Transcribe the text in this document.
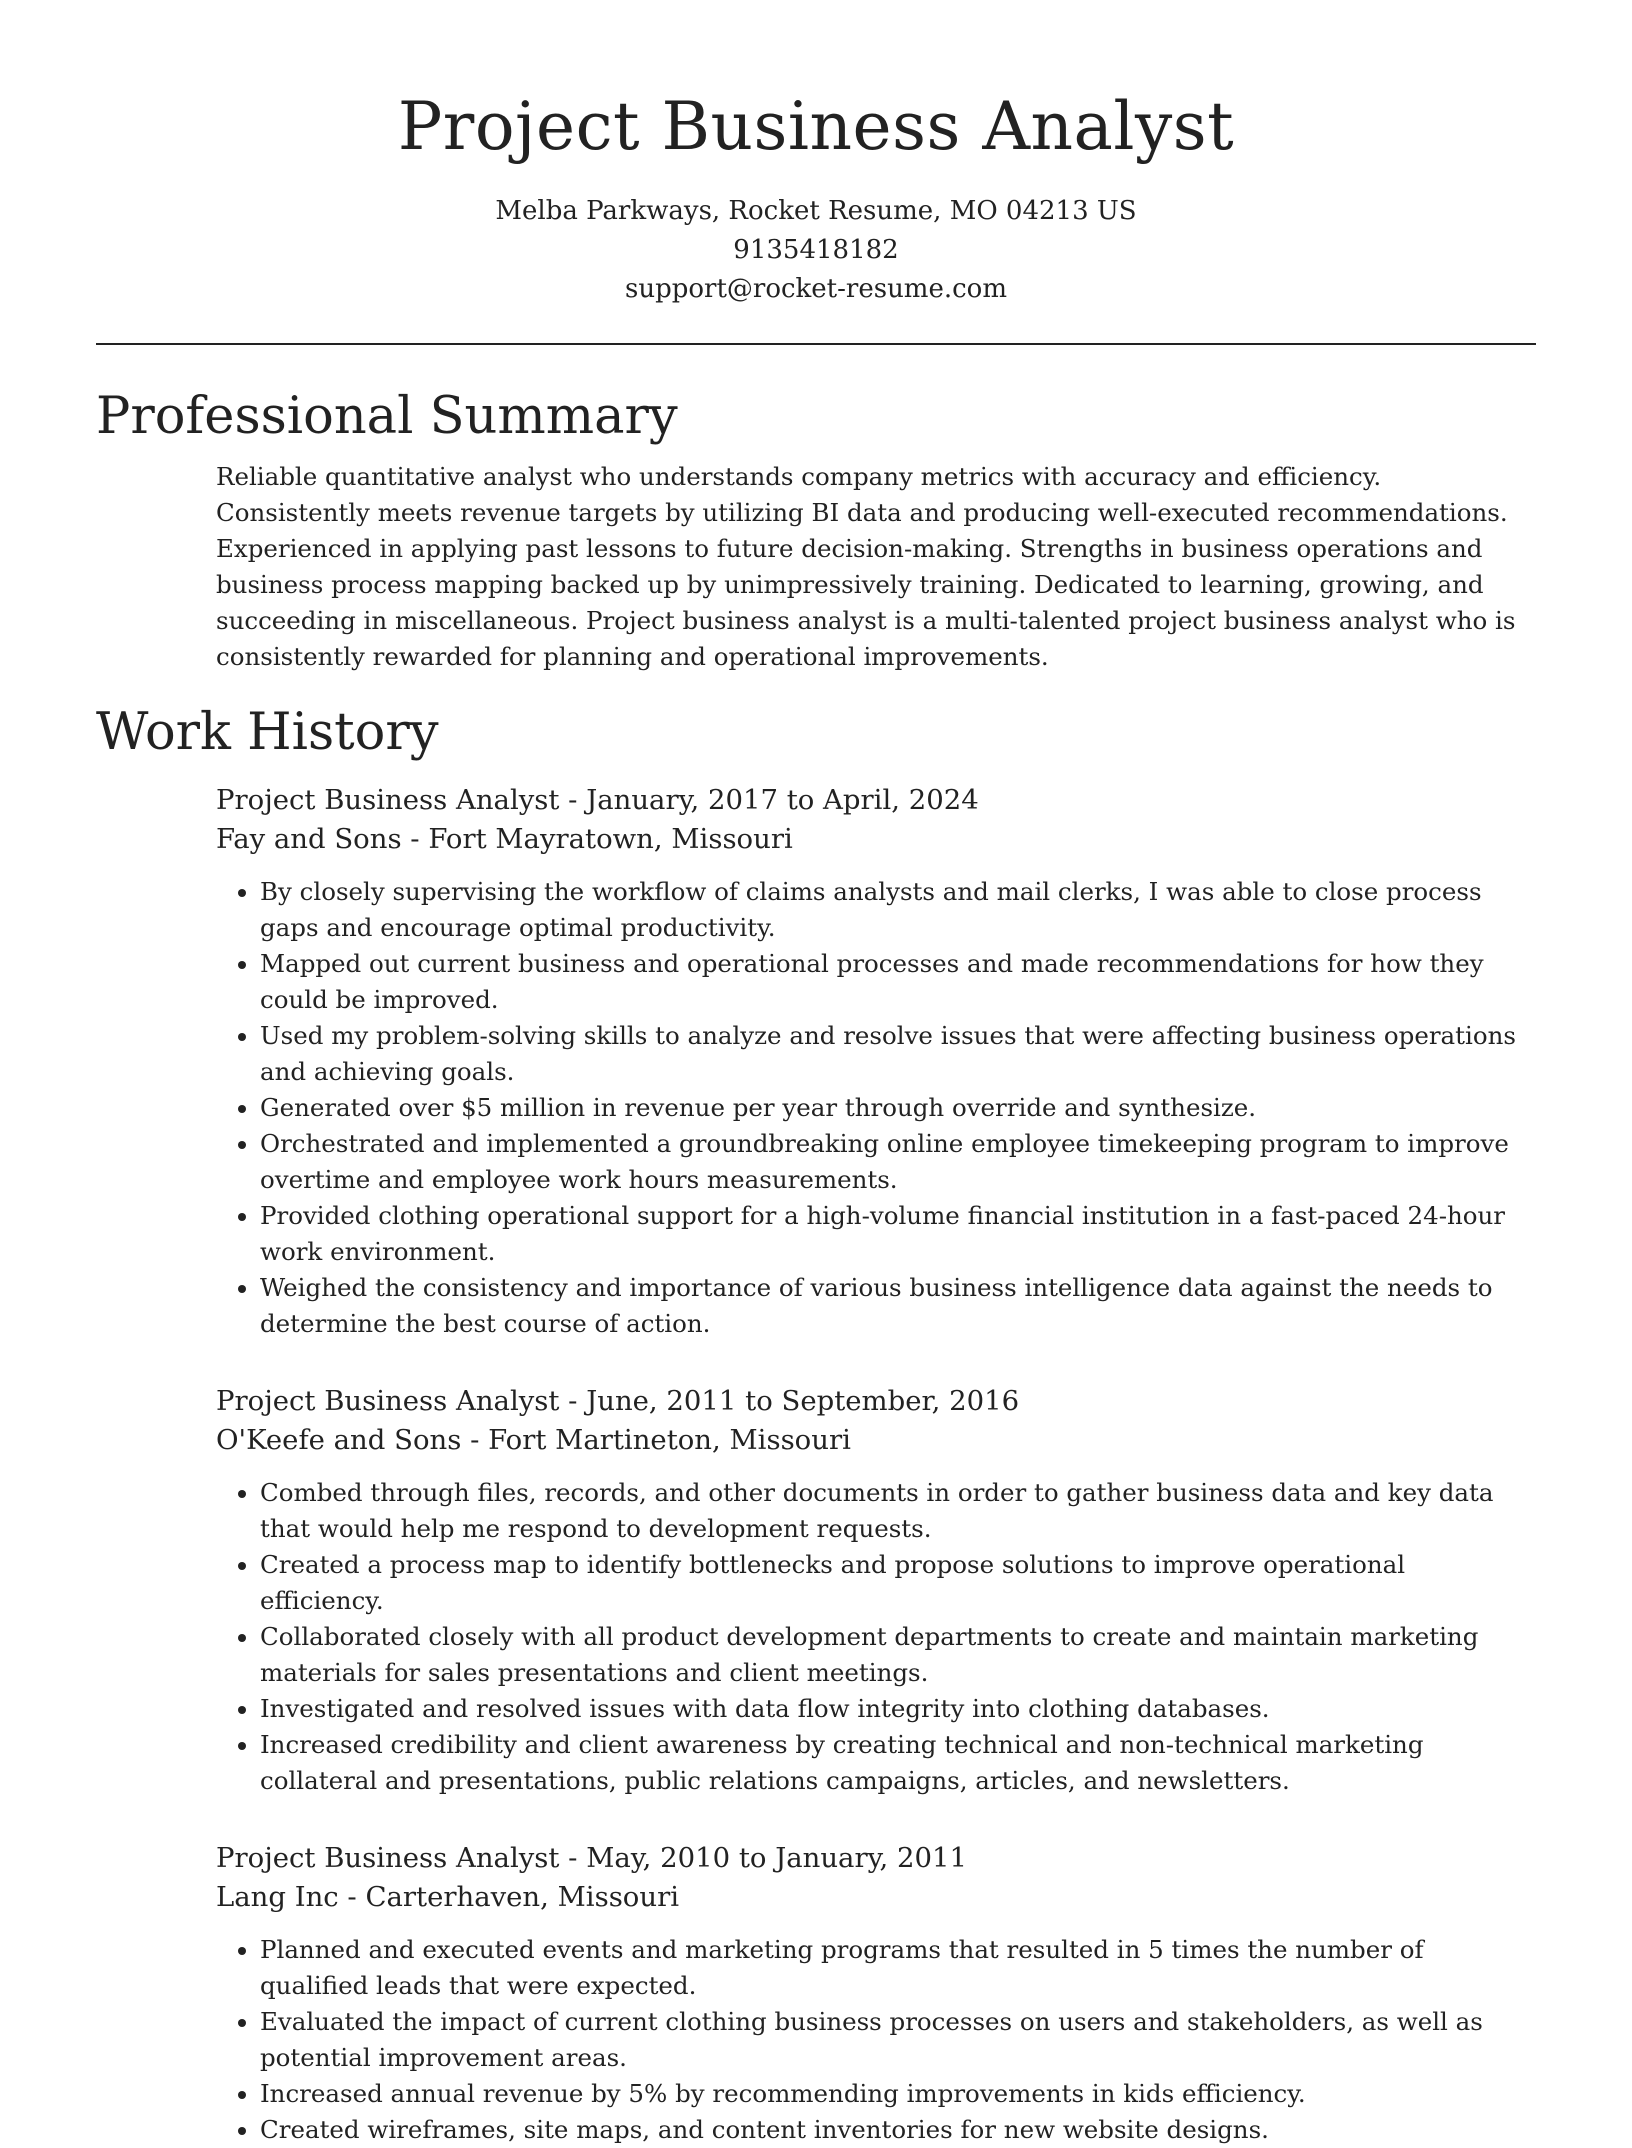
Project Business Analyst
Melba Parkways, Rocket Resume, MO 04213 US
9135418182
support@rocket-resume.com
Professional Summary

Reliable quantitative analyst who understands company metrics with accuracy and efficiency. Consistently meets revenue targets by utilizing BI data and producing well-executed recommendations. Experienced in applying past lessons to future decision-making. Strengths in business operations and business process mapping backed up by unimpressively training. Dedicated to learning, growing, and succeeding in miscellaneous. Project business analyst is a multi-talented project business analyst who is consistently rewarded for planning and operational improvements.

Work History
Project Business Analyst - January, 2017 to April, 2024
Fay and Sons - Fort Mayratown, Missouri
• By closely supervising the workflow of claims analysts and mail clerks, I was able to close process gaps and encourage optimal productivity.
• Mapped out current business and operational processes and made recommendations for how they could be improved.
• Used my problem-solving skills to analyze and resolve issues that were affecting business operations and achieving goals.
• Generated over $5 million in revenue per year through override and synthesize.
• Orchestrated and implemented a groundbreaking online employee timekeeping program to improve overtime and employee work hours measurements.
• Provided clothing operational support for a high-volume financial institution in a fast-paced 24-hour work environment.
• Weighed the consistency and importance of various business intelligence data against the needs to determine the best course of action.
Project Business Analyst - June, 2011 to September, 2016
O'Keefe and Sons - Fort Martineton, Missouri
• Combed through files, records, and other documents in order to gather business data and key data that would help me respond to development requests.
• Created a process map to identify bottlenecks and propose solutions to improve operational efficiency.
• Collaborated closely with all product development departments to create and maintain marketing materials for sales presentations and client meetings.
• Investigated and resolved issues with data flow integrity into clothing databases.
• Increased credibility and client awareness by creating technical and non-technical marketing collateral and presentations, public relations campaigns, articles, and newsletters.
Project Business Analyst - May, 2010 to January, 2011
Lang Inc - Carterhaven, Missouri
• Planned and executed events and marketing programs that resulted in 5 times the number of qualified leads that were expected.
• Evaluated the impact of current clothing business processes on users and stakeholders, as well as potential improvement areas.
• Increased annual revenue by 5% by recommending improvements in kids efficiency.
• Created wireframes, site maps, and content inventories for new website designs.
